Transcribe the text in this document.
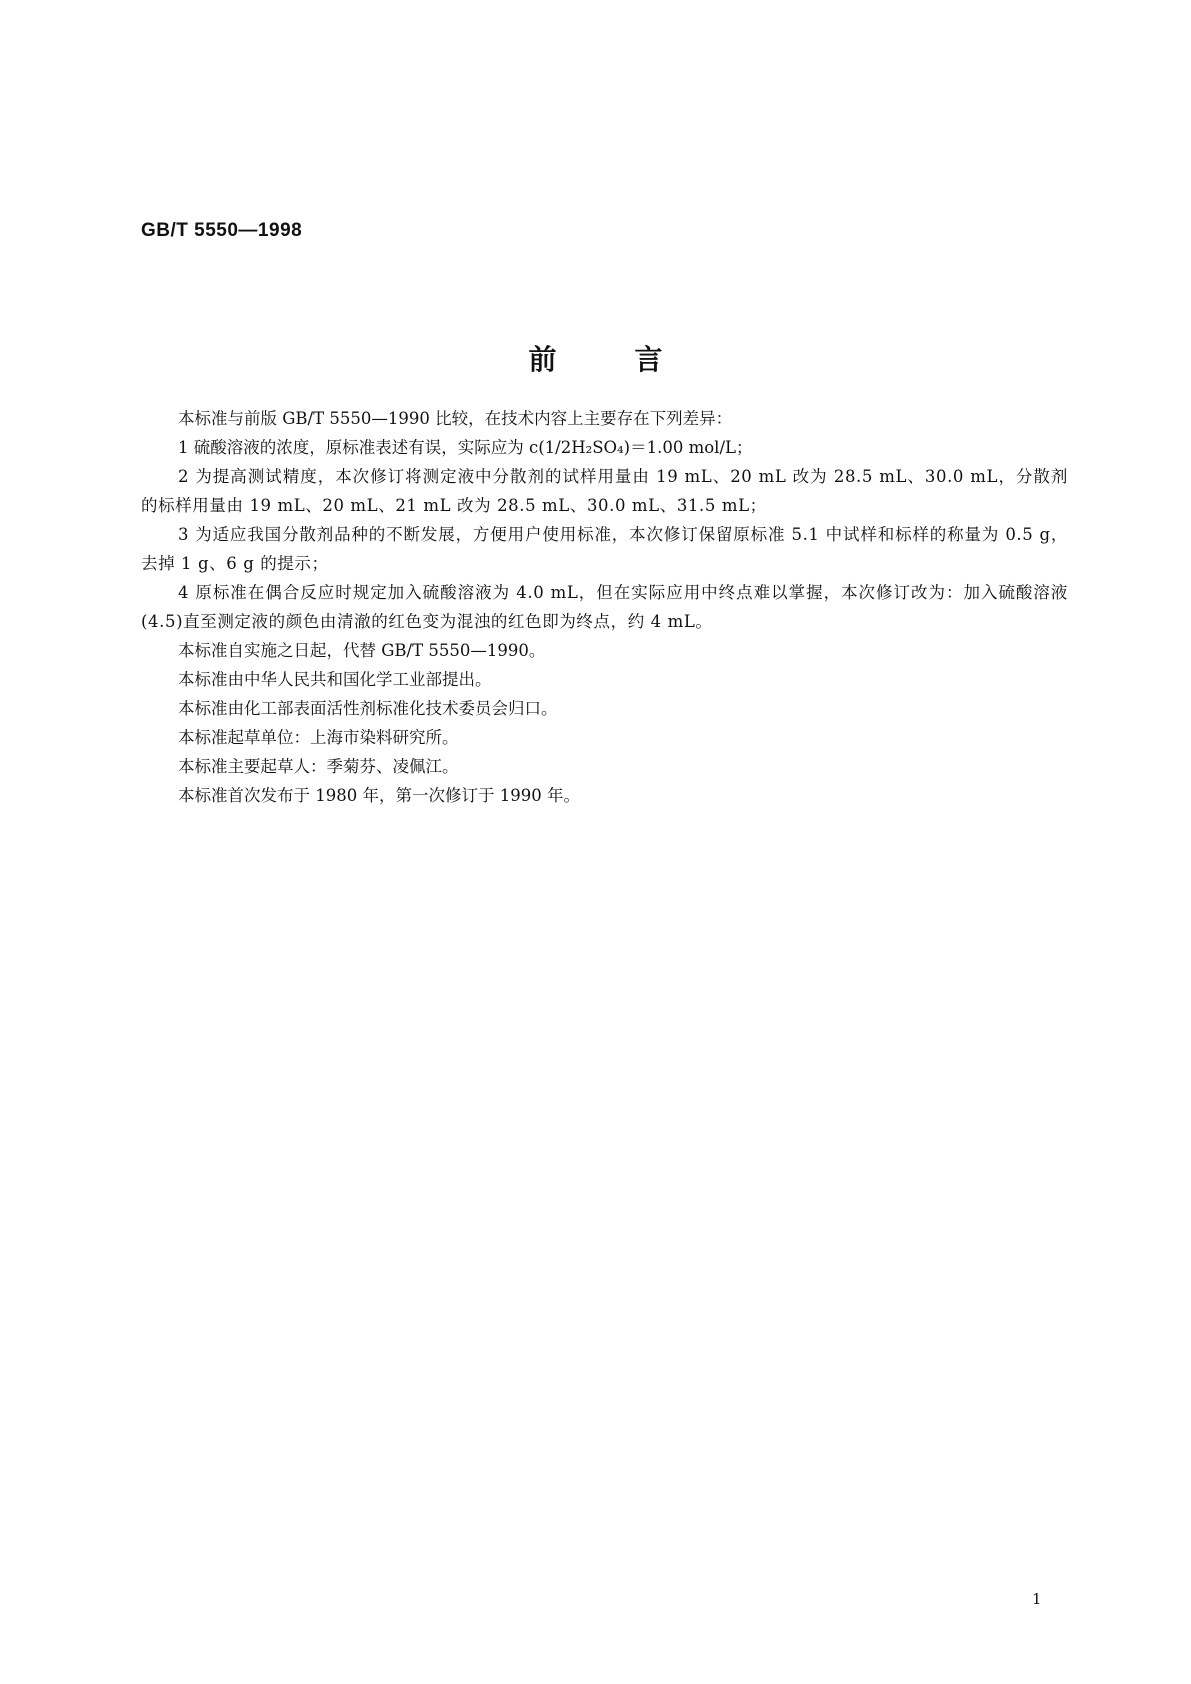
GB/T 5550—1998

前言

本标准与前版 GB/T 5550—1990 比较，在技术内容上主要存在下列差异：

1 硫酸溶液的浓度，原标准表述有误，实际应为 c(1/2H₂SO₄)＝1.00 mol/L；

2 为提高测试精度，本次修订将测定液中分散剂的试样用量由 19 mL、20 mL 改为 28.5 mL、30.0 mL，分散剂的标样用量由 19 mL、20 mL、21 mL 改为 28.5 mL、30.0 mL、31.5 mL；

3 为适应我国分散剂品种的不断发展，方便用户使用标准，本次修订保留原标准 5.1 中试样和标样的称量为 0.5 g，去掉 1 g、6 g 的提示；

4 原标准在偶合反应时规定加入硫酸溶液为 4.0 mL，但在实际应用中终点难以掌握，本次修订改为：加入硫酸溶液(4.5)直至测定液的颜色由清澈的红色变为混浊的红色即为终点，约 4 mL。

本标准自实施之日起，代替 GB/T 5550—1990。

本标准由中华人民共和国化学工业部提出。

本标准由化工部表面活性剂标准化技术委员会归口。

本标准起草单位：上海市染料研究所。

本标准主要起草人：季菊芬、凌佩江。

本标准首次发布于 1980 年，第一次修订于 1990 年。

1
